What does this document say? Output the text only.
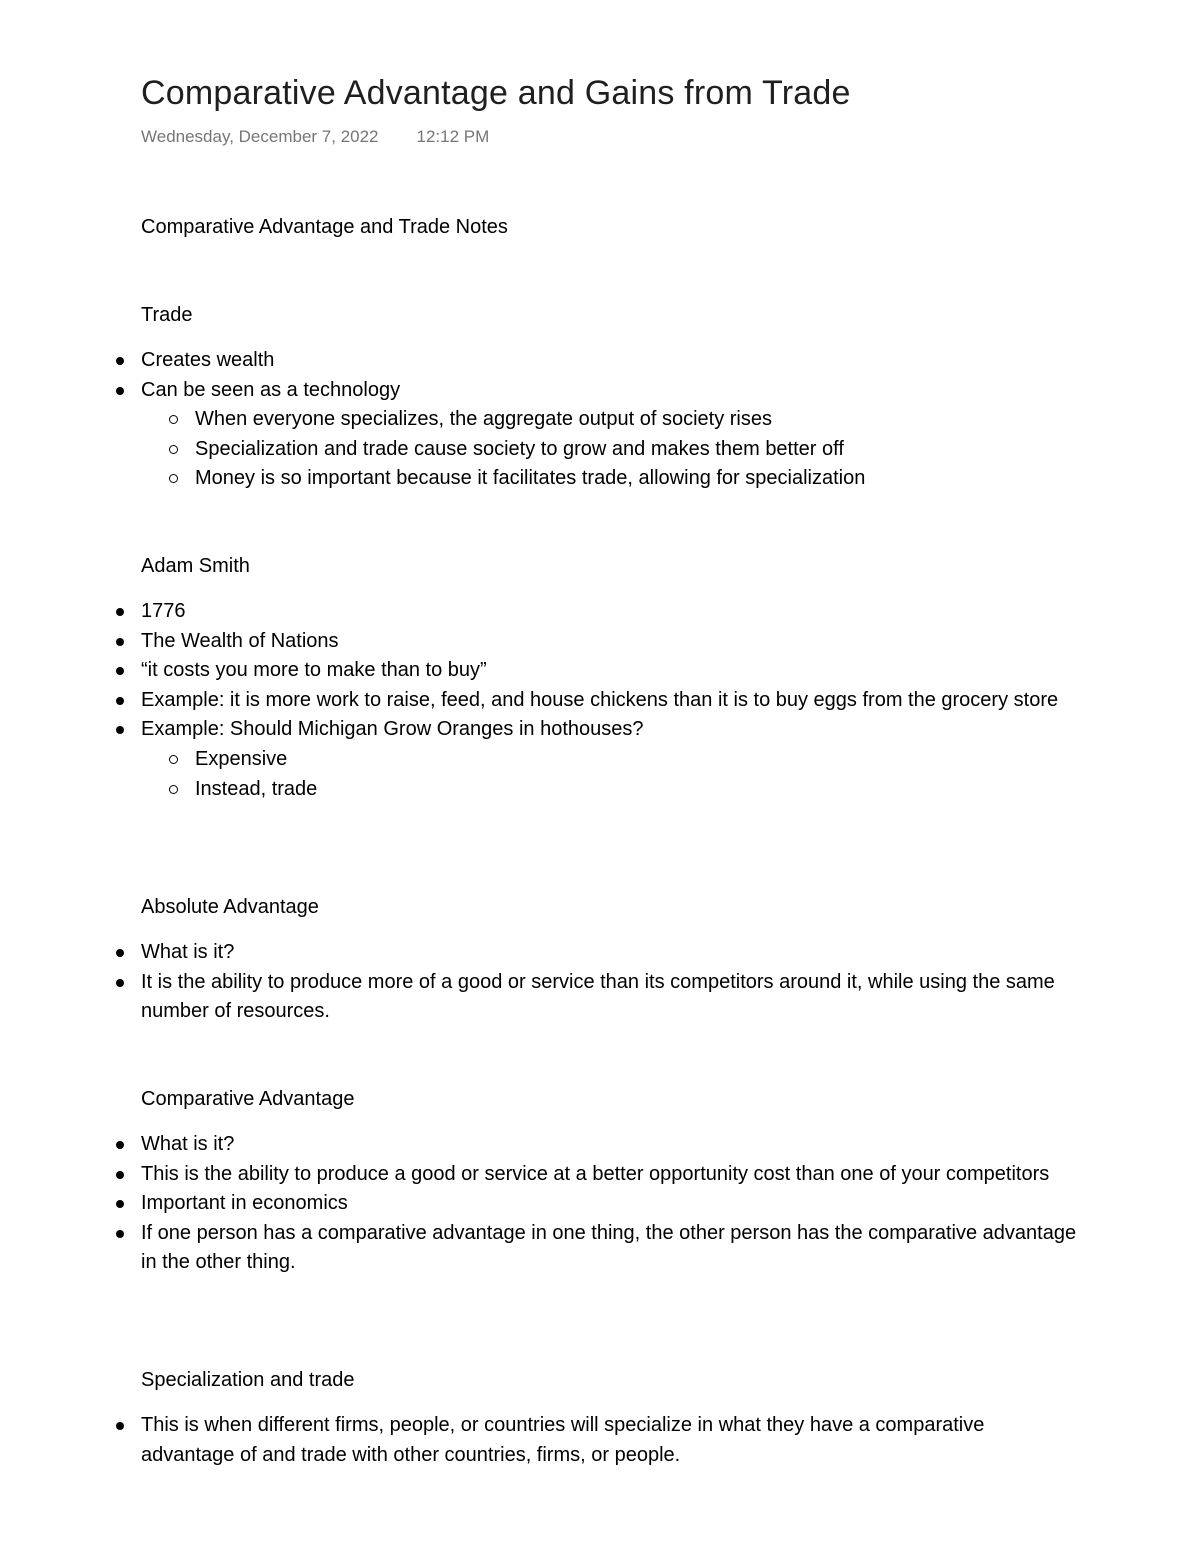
Comparative Advantage and Gains from Trade
Wednesday, December 7, 2022 12:12 PM
Comparative Advantage and Trade Notes
Trade
Creates wealth
Can be seen as a technology
When everyone specializes, the aggregate output of society rises
Specialization and trade cause society to grow and makes them better off
Money is so important because it facilitates trade, allowing for specialization
Adam Smith
1776
The Wealth of Nations
“it costs you more to make than to buy”
Example: it is more work to raise, feed, and house chickens than it is to buy eggs from the grocery store
Example: Should Michigan Grow Oranges in hothouses?
Expensive
Instead, trade
Absolute Advantage
What is it?
It is the ability to produce more of a good or service than its competitors around it, while using the same number of resources.
Comparative Advantage
What is it?
This is the ability to produce a good or service at a better opportunity cost than one of your competitors
Important in economics
If one person has a comparative advantage in one thing, the other person has the comparative advantage in the other thing.
Specialization and trade
This is when different firms, people, or countries will specialize in what they have a comparative advantage of and trade with other countries, firms, or people.
